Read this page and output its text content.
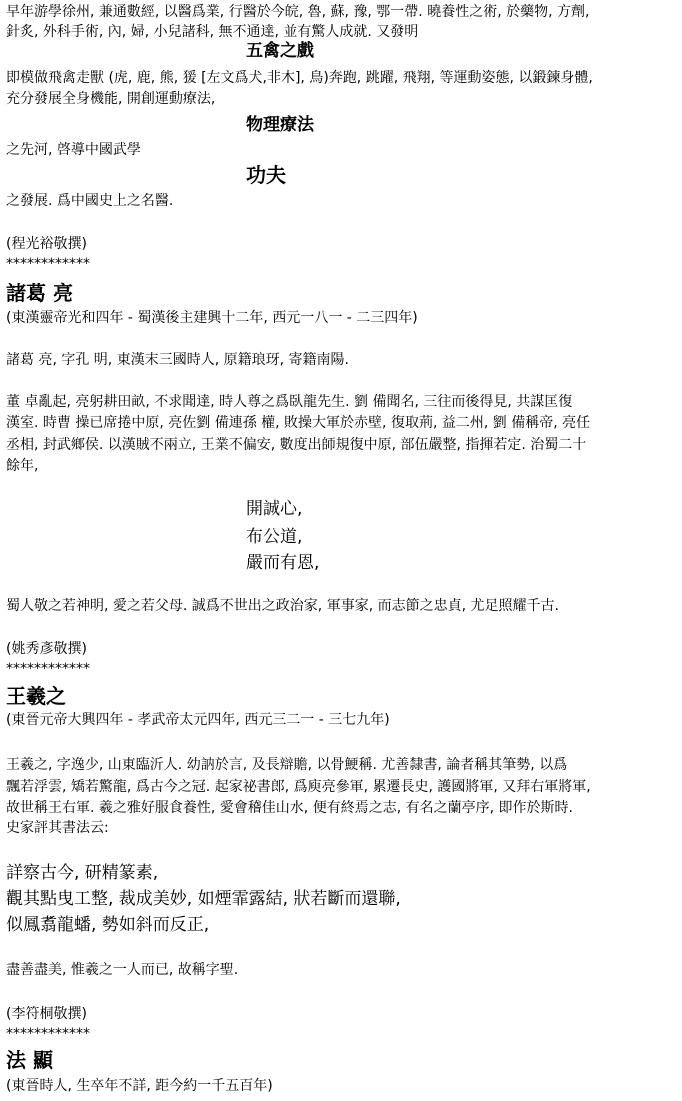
早年游學徐州, 兼通數經, 以醫爲業, 行醫於今皖, 魯, 蘇, 豫, 鄂一帶. 曉養性之術, 於藥物, 方劑,

針炙, 外科手術, 內, 婦, 小兒諸科, 無不通達, 並有驚人成就. 又發明

五禽之戲

即模做飛禽走獸 (虎, 鹿, 熊, 猨 [左文爲犬,非木], 鳥)奔跑, 跳躍, 飛翔, 等運動姿態, 以鍛鍊身體,

充分發展全身機能, 開創運動療法,

物理療法

之先河, 啓導中國武學

功夫

之發展. 爲中國史上之名醫.

(程光裕敬撰)

************

諸葛 亮

(東漢靈帝光和四年 - 蜀漢後主建興十二年, 西元一八一 - 二三四年)

諸葛 亮, 字孔 明, 東漢末三國時人, 原籍琅玡, 寄籍南陽.

董 卓亂起, 亮躬耕田畝, 不求聞達, 時人尊之爲臥龍先生. 劉 備聞名, 三往而後得見, 共謀匡復

漢室. 時曹 操已席捲中原, 亮佐劉 備連孫 權, 敗操大軍於赤壁, 復取荊, 益二州, 劉 備稱帝, 亮任

丞相, 封武鄉侯. 以漢賊不兩立, 王業不偏安, 數度出師規復中原, 部伍嚴整, 指揮若定. 治蜀二十

餘年,

開誠心,

布公道,

嚴而有恩,

蜀人敬之若神明, 愛之若父母. 誠爲不世出之政治家, 軍事家, 而志節之忠貞, 尤足照耀千古.

(姚秀彥敬撰)

************

王羲之

(東晉元帝大興四年 - 孝武帝太元四年, 西元三二一 - 三七九年)

王羲之, 字逸少, 山東臨沂人. 幼訥於言, 及長辯贍, 以骨鯁稱. 尤善隸書, 論者稱其筆勢, 以爲

飄若浮雲, 矯若驚龍, 爲古今之冠. 起家祕書郎, 爲庾亮參軍, 累遷長史, 護國將軍, 又拜右軍將軍,

故世稱王右軍. 羲之雅好服食養性, 愛會稽佳山水, 便有終焉之志, 有名之蘭亭序, 即作於斯時.

史家評其書法云:

詳察古今, 研精篆素,

觀其點曳工整, 裁成美妙, 如煙霏露結, 狀若斷而還聯,

似鳳翥龍蟠, 勢如斜而反正,

盡善盡美, 惟羲之一人而已, 故稱字聖.

(李符桐敬撰)

************

法 顯

(東晉時人, 生卒年不詳, 距今約一千五百年)
